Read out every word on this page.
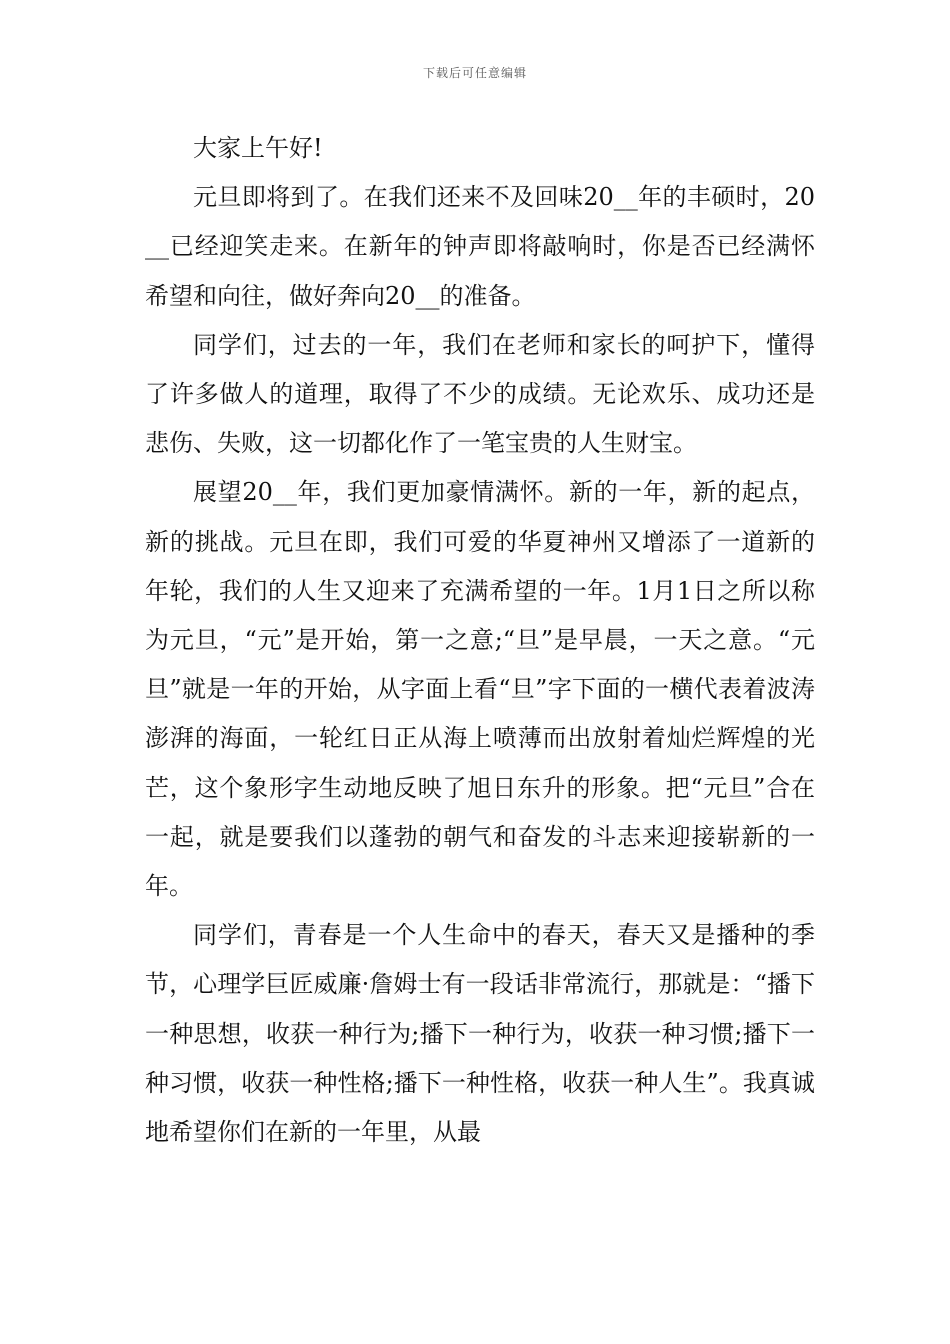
下载后可任意编辑

大家上午好!

元旦即将到了。在我们还来不及回味20__年的丰硕时，20__已经迎笑走来。在新年的钟声即将敲响时，你是否已经满怀希望和向往，做好奔向20__的准备。

同学们，过去的一年，我们在老师和家长的呵护下，懂得了许多做人的道理，取得了不少的成绩。无论欢乐、成功还是悲伤、失败，这一切都化作了一笔宝贵的人生财宝。

展望20__年，我们更加豪情满怀。新的一年，新的起点，新的挑战。元旦在即，我们可爱的华夏神州又增添了一道新的年轮，我们的人生又迎来了充满希望的一年。1月1日之所以称为元旦，“元”是开始，第一之意;“旦”是早晨，一天之意。“元旦”就是一年的开始，从字面上看“旦”字下面的一横代表着波涛澎湃的海面，一轮红日正从海上喷薄而出放射着灿烂辉煌的光芒，这个象形字生动地反映了旭日东升的形象。把“元旦”合在一起，就是要我们以蓬勃的朝气和奋发的斗志来迎接崭新的一年。

同学们，青春是一个人生命中的春天，春天又是播种的季节，心理学巨匠威廉·詹姆士有一段话非常流行，那就是：“播下一种思想，收获一种行为;播下一种行为，收获一种习惯;播下一种习惯，收获一种性格;播下一种性格，收获一种人生”。我真诚地希望你们在新的一年里，从最
